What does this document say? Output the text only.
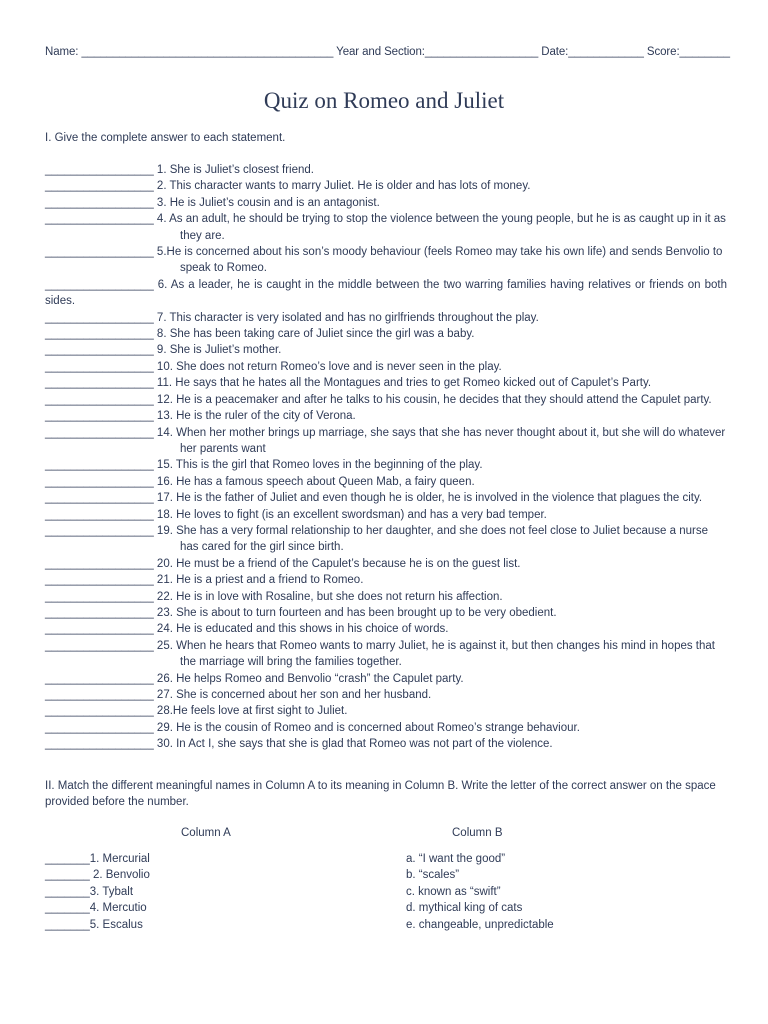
Name: ________________________________________ Year and Section:__________________ Date:____________ Score:________
Quiz on Romeo and Juliet
I. Give the complete answer to each statement.
_________________ 1. She is Juliet’s closest friend.
_________________ 2. This character wants to marry Juliet. He is older and has lots of money.
_________________ 3. He is Juliet’s cousin and is an antagonist.
_________________ 4. As an adult, he should be trying to stop the violence between the young people, but he is as caught up in it as they are.
_________________ 5.He is concerned about his son’s moody behaviour (feels Romeo may take his own life) and sends Benvolio to speak to Romeo.
_________________ 6. As a leader, he is caught in the middle between the two warring families having relatives or friends on both sides.
_________________ 7. This character is very isolated and has no girlfriends throughout the play.
_________________ 8. She has been taking care of Juliet since the girl was a baby.
_________________ 9. She is Juliet’s mother.
_________________ 10. She does not return Romeo’s love and is never seen in the play.
_________________ 11. He says that he hates all the Montagues and tries to get Romeo kicked out of Capulet’s Party.
_________________ 12. He is a peacemaker and after he talks to his cousin, he decides that they should attend the Capulet party.
_________________ 13. He is the ruler of the city of Verona.
_________________ 14. When her mother brings up marriage, she says that she has never thought about it, but she will do whatever her parents want
_________________ 15. This is the girl that Romeo loves in the beginning of the play.
_________________ 16. He has a famous speech about Queen Mab, a fairy queen.
_________________ 17. He is the father of Juliet and even though he is older, he is involved in the violence that plagues the city.
_________________ 18. He loves to fight (is an excellent swordsman) and has a very bad temper.
_________________ 19. She has a very formal relationship to her daughter, and she does not feel close to Juliet because a nurse has cared for the girl since birth.
_________________ 20. He must be a friend of the Capulet’s because he is on the guest list.
_________________ 21. He is a priest and a friend to Romeo.
_________________ 22. He is in love with Rosaline, but she does not return his affection.
_________________ 23. She is about to turn fourteen and has been brought up to be very obedient.
_________________ 24. He is educated and this shows in his choice of words.
_________________ 25. When he hears that Romeo wants to marry Juliet, he is against it, but then changes his mind in hopes that the marriage will bring the families together.
_________________ 26. He helps Romeo and Benvolio “crash” the Capulet party.
_________________ 27. She is concerned about her son and her husband.
_________________ 28.He feels love at first sight to Juliet.
_________________ 29. He is the cousin of Romeo and is concerned about Romeo’s strange behaviour.
_________________ 30. In Act I, she says that she is glad that Romeo was not part of the violence.
II. Match the different meaningful names in Column A to its meaning in Column B. Write the letter of the correct answer on the space provided before the number.
Column A	Column B
_______1. Mercurial
_______ 2. Benvolio
_______3. Tybalt
_______4. Mercutio
_______5. Escalus
a. “I want the good”
b. “scales”
c. known as “swift”
d. mythical king of cats
e. changeable, unpredictable
